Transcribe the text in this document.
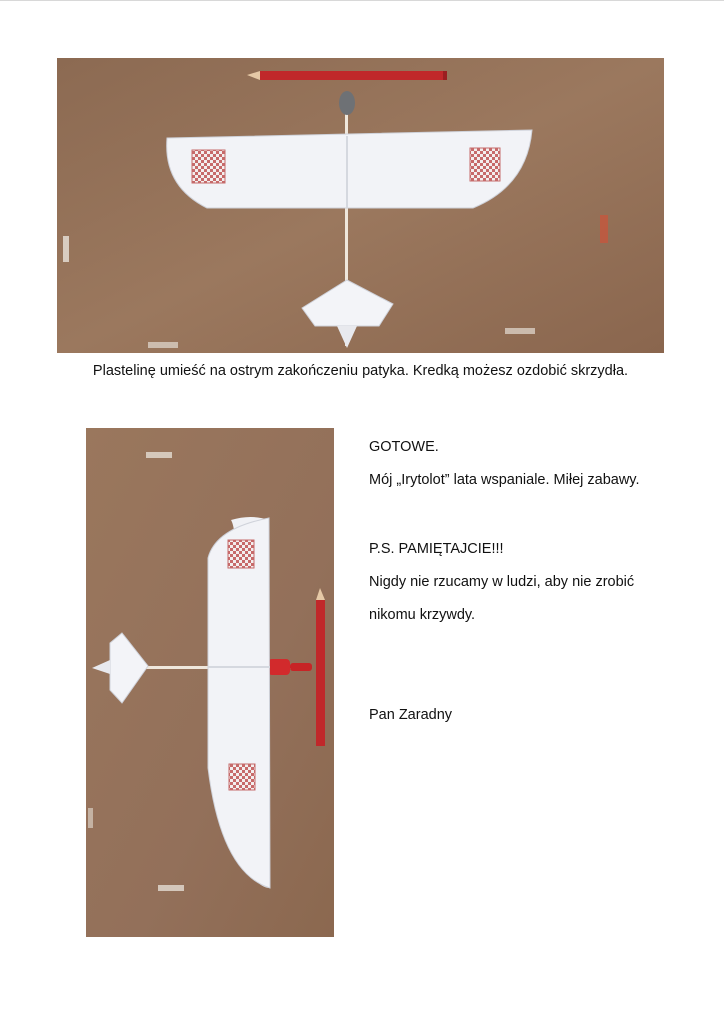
Plastelinę umieść na ostrym zakończeniu patyka. Kredką możesz ozdobić skrzydła.
GOTOWE.
Mój „Irytolot” lata wspaniale. Miłej zabawy.
P.S. PAMIĘTAJCIE!!!
Nigdy nie rzucamy w ludzi, aby nie zrobić
nikomu krzywdy.
Pan Zaradny
